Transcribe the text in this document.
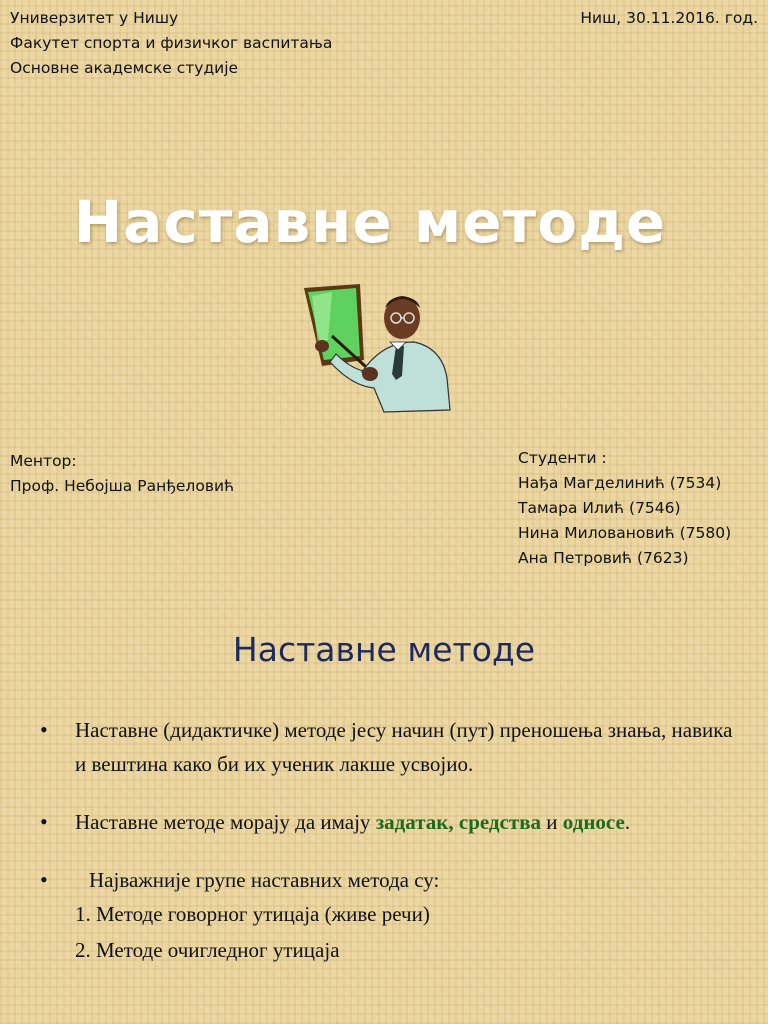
Универзитет у Нишу
Факутет спорта и физичког васпитања
Основне академске студије
Ниш, 30.11.2016. год.
Наставне методе
Ментор:
Проф. Небојша Ранђеловић
Студенти :
Нађа Магделинић (7534)
Тамара Илић (7546)
Нина Миловановић (7580)
Ана Петровић (7623)
Наставне методе
• Наставне (дидактичке) методе јесу начин (пут) преношења знања, навика и вештина како би их ученик лакше усвојио.
• Наставне методе морају да имају задатак, средства и односе.
• Најважније групе наставних метода су:
1. Методе говорног утицаја (живе речи)
2. Методе очигледног утицаја
